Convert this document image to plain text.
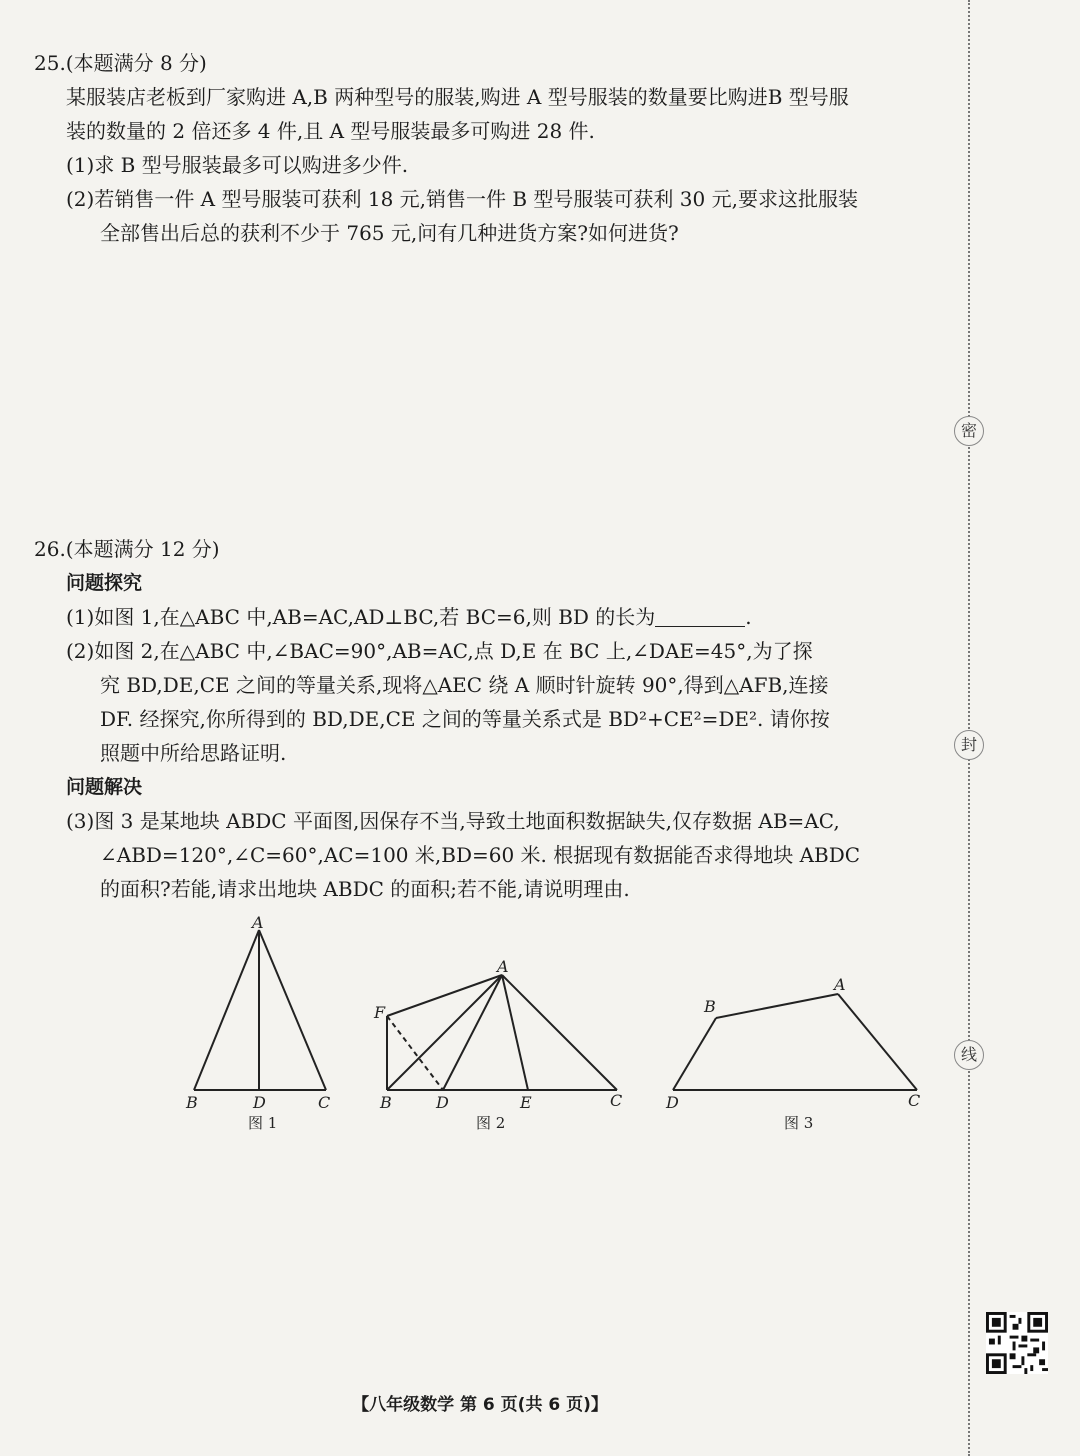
25.(本题满分 8 分)

某服装店老板到厂家购进 A,B 两种型号的服装,购进 A 型号服装的数量要比购进B 型号服

装的数量的 2 倍还多 4 件,且 A 型号服装最多可购进 28 件.

(1)求 B 型号服装最多可以购进多少件.

(2)若销售一件 A 型号服装可获利 18 元,销售一件 B 型号服装可获利 30 元,要求这批服装

全部售出后总的获利不少于 765 元,问有几种进货方案?如何进货?

26.(本题满分 12 分)

问题探究

(1)如图 1,在△ABC 中,AB=AC,AD⊥BC,若 BC=6,则 BD 的长为	.

(2)如图 2,在△ABC 中,∠BAC=90°,AB=AC,点 D,E 在 BC 上,∠DAE=45°,为了探

究 BD,DE,CE 之间的等量关系,现将△AEC 绕 A 顺时针旋转 90°,得到△AFB,连接

DF. 经探究,你所得到的 BD,DE,CE 之间的等量关系式是 BD²+CE²=DE². 请你按

照题中所给思路证明.

问题解决

(3)图 3 是某地块 ABDC 平面图,因保存不当,导致土地面积数据缺失,仅存数据 AB=AC,

∠ABD=120°,∠C=60°,AC=100 米,BD=60 米. 根据现有数据能否求得地块 ABDC

的面积?若能,请求出地块 ABDC 的面积;若不能,请说明理由.

A
B	D	C
图 1
A
F
B	D	E	C
图 2
B
A
D	C
图 3
密
封
线
【八年级数学 第 6 页(共 6 页)】
